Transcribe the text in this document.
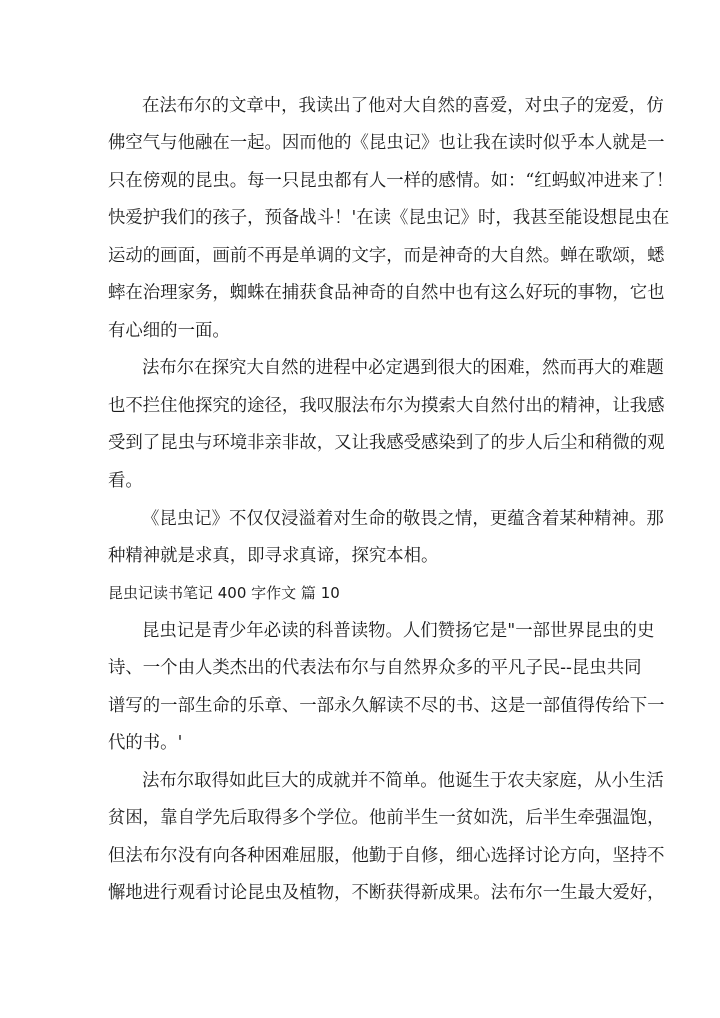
在法布尔的文章中，我读出了他对大自然的喜爱，对虫子的宠爱，仿
佛空气与他融在一起。因而他的《昆虫记》也让我在读时似乎本人就是一
只在傍观的昆虫。每一只昆虫都有人一样的感情。如：“红蚂蚁冲进来了！
快爱护我们的孩子，预备战斗！'在读《昆虫记》时，我甚至能设想昆虫在
运动的画面，画前不再是单调的文字，而是神奇的大自然。蝉在歌颂，蟋
蟀在治理家务，蜘蛛在捕获食品神奇的自然中也有这么好玩的事物，它也
有心细的一面。
法布尔在探究大自然的进程中必定遇到很大的困难，然而再大的难题
也不拦住他探究的途径，我叹服法布尔为摸索大自然付出的精神，让我感
受到了昆虫与环境非亲非故，又让我感受感染到了的步人后尘和稍微的观
看。
《昆虫记》不仅仅浸溢着对生命的敬畏之情，更蕴含着某种精神。那
种精神就是求真，即寻求真谛，探究本相。
昆虫记读书笔记 400 字作文 篇 10
昆虫记是青少年必读的科普读物。人们赞扬它是"一部世界昆虫的史
诗、一个由人类杰出的代表法布尔与自然界众多的平凡子民--昆虫共同
谱写的一部生命的乐章、一部永久解读不尽的书、这是一部值得传给下一
代的书。'
法布尔取得如此巨大的成就并不简单。他诞生于农夫家庭，从小生活
贫困，靠自学先后取得多个学位。他前半生一贫如洗，后半生牵强温饱，
但法布尔没有向各种困难屈服，他勤于自修，细心选择讨论方向，坚持不
懈地进行观看讨论昆虫及植物，不断获得新成果。法布尔一生最大爱好，
